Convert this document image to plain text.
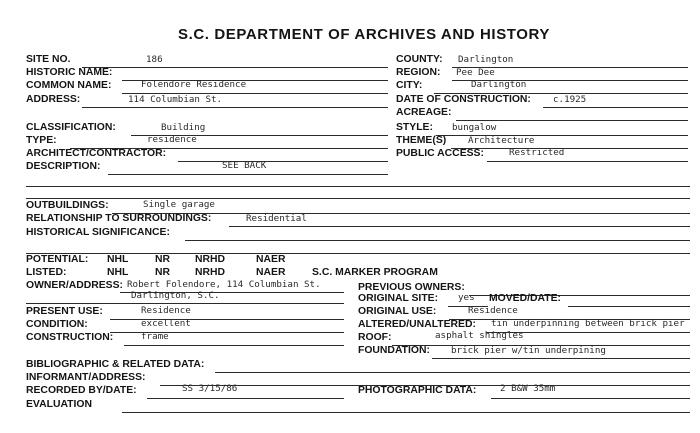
S.C. DEPARTMENT OF ARCHIVES AND HISTORY
SITE NO.	186
HISTORIC NAME:
COMMON NAME:	Folendore Residence
ADDRESS:	114 Columbian St.
COUNTY: Darlington
REGION: Pee Dee
CITY:	Darlington
DATE OF CONSTRUCTION: c.1925
ACREAGE:
CLASSIFICATION:	Building
TYPE:	residence
ARCHITECT/CONTRACTOR:
DESCRIPTION:	SEE BACK
STYLE: bungalow
THEME(S) Architecture
PUBLIC ACCESS:	Restricted
OUTBUILDINGS:	Single garage
RELATIONSHIP TO SURROUNDINGS:	Residential
HISTORICAL SIGNIFICANCE:
POTENTIAL: NHL	NR NRHD	NAER
LISTED:	NHL	NR NRHD	NAER	S.C. MARKER PROGRAM
OWNER/ADDRESS: Robert Folendore, 114 Columbian St.
Darlington, S.C.
PREVIOUS OWNERS:
ORIGINAL SITE: yes MOVED/DATE:
PRESENT USE:	Residence
CONDITION:	excellent
CONSTRUCTION:	frame
ORIGINAL USE:	Residence
ALTERED/UNALTERED: tin underpinning between brick pier
ROOF:	asphalt shingles
FOUNDATION: brick pier w/tin underpining
BIBLIOGRAPHIC & RELATED DATA:
INFORMANT/ADDRESS:
RECORDED BY/DATE:	SS 3/15/86	PHOTOGRAPHIC DATA:	2 B&W 35mm
EVALUATION
